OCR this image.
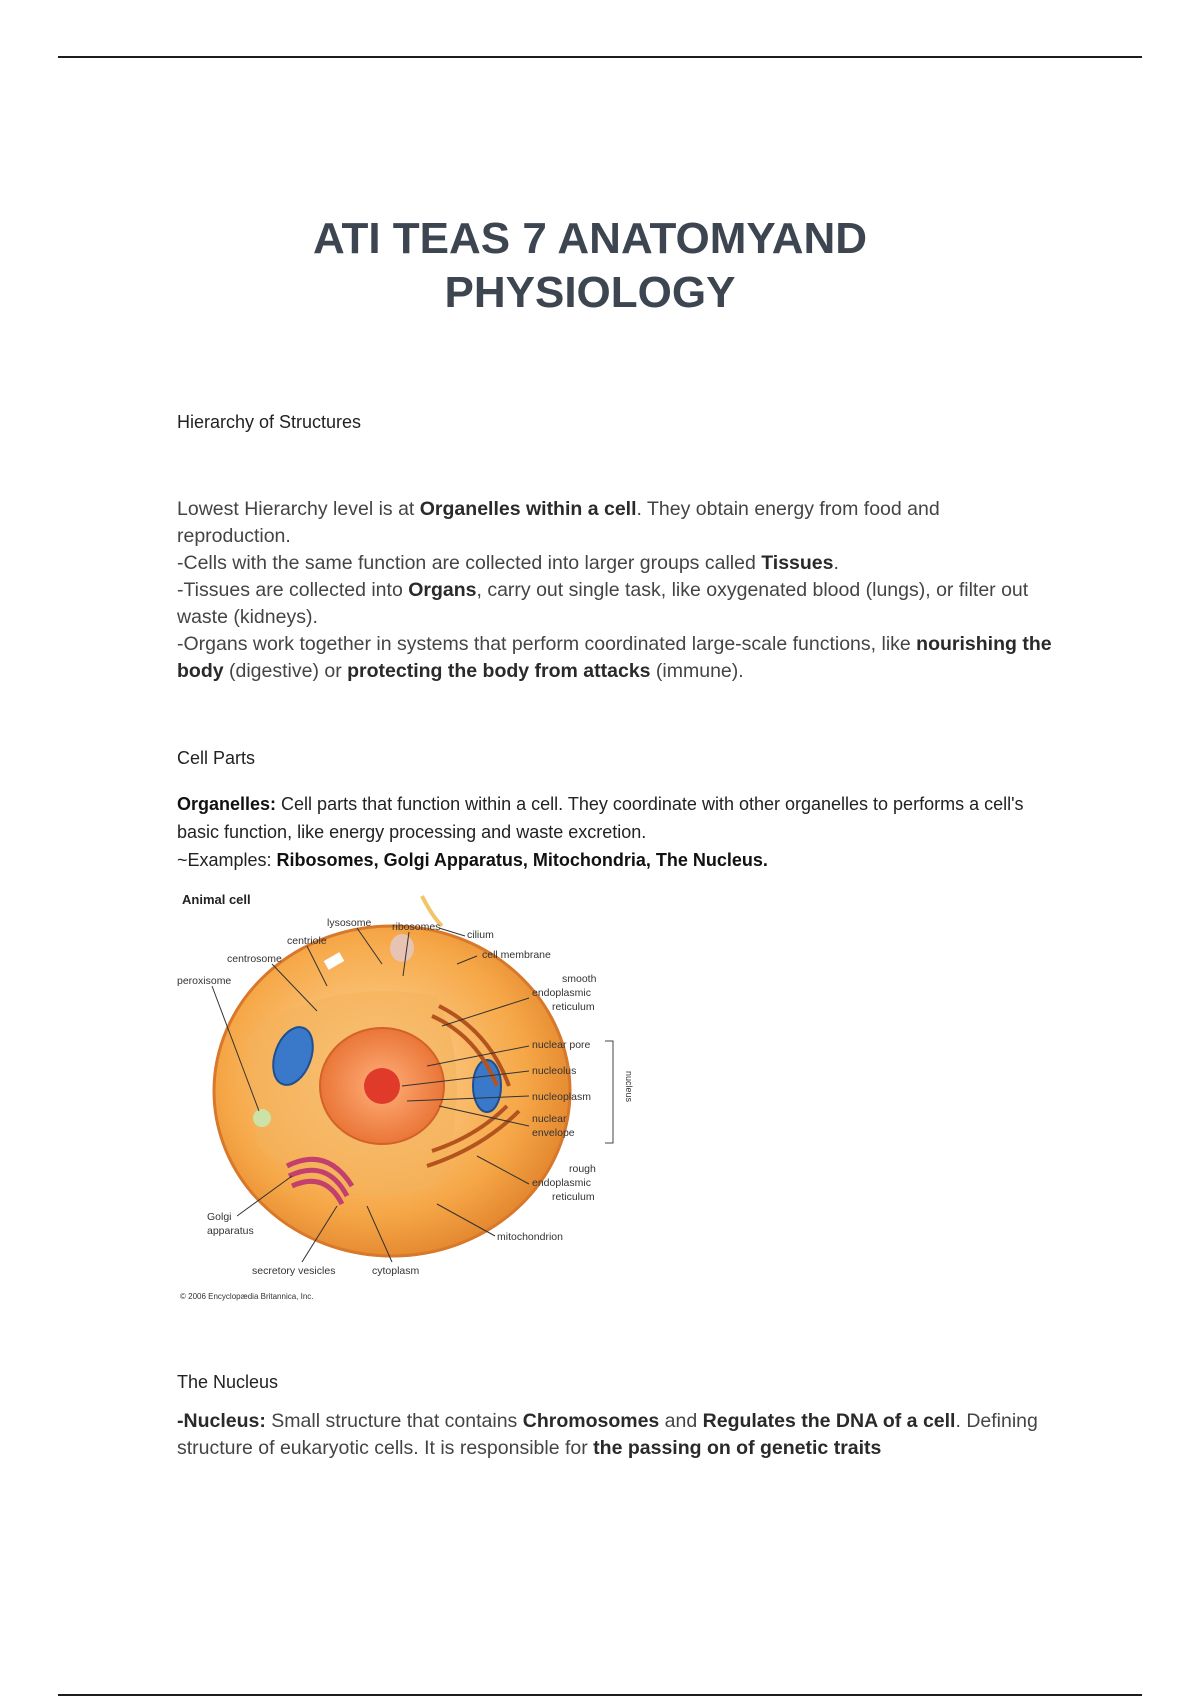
ATI TEAS 7 ANATOMYAND
PHYSIOLOGY
Hierarchy of Structures

Lowest Hierarchy level is at Organelles within a cell. They obtain energy from food and reproduction.

-Cells with the same function are collected into larger groups called Tissues.

-Tissues are collected into Organs, carry out single task, like oxygenated blood (lungs), or filter out waste (kidneys).

-Organs work together in systems that perform coordinated large-scale functions, like nourishing the body (digestive) or protecting the body from attacks (immune).

Cell Parts

Organelles: Cell parts that function within a cell. They coordinate with other organelles to performs a cell's basic function, like energy processing and waste excretion.

~Examples: Ribosomes, Golgi Apparatus, Mitochondria, The Nucleus.

Animal cell
lysosome ribosomes
centriole	cilium
centrosome	cell membrane
peroxisome	smooth
endoplasmic
reticulum
nuclear pore
nucleolus
nucleoplasm
nuclear
envelope
nucleus
rough
endoplasmic
reticulum
Golgi
apparatus	mitochondrion
secretory vesicles	cytoplasm
© 2006 Encyclopædia Britannica, Inc.
The Nucleus

-Nucleus: Small structure that contains Chromosomes and Regulates the DNA of a cell. Defining structure of eukaryotic cells. It is responsible for the passing on of genetic traits
